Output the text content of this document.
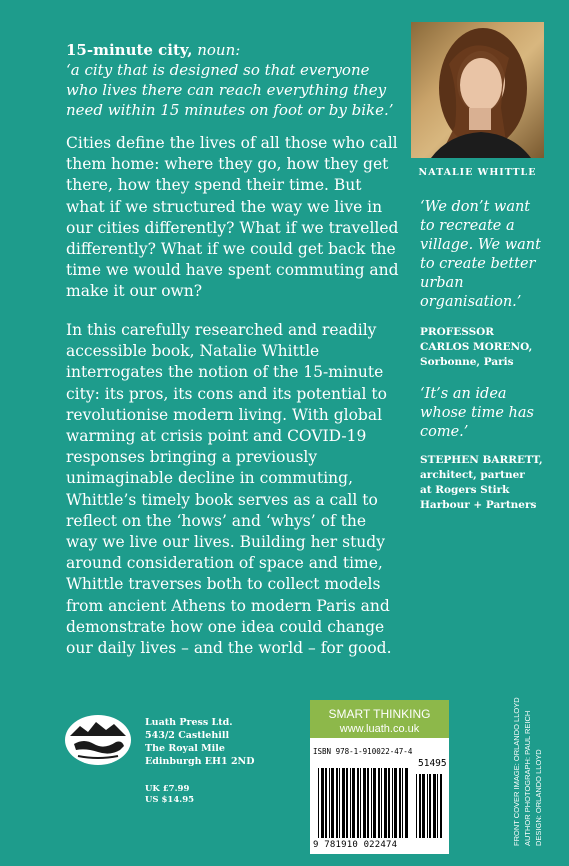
15-minute city, noun:
‘a city that is designed so that everyone who lives there can reach everything they need within 15 minutes on foot or by bike.’

Cities define the lives of all those who call them home: where they go, how they get there, how they spend their time. But what if we structured the way we live in our cities differently? What if we travelled differently? What if we could get back the time we would have spent commuting and make it our own?

In this carefully researched and readily accessible book, Natalie Whittle interrogates the notion of the 15-minute city: its pros, its cons and its potential to revolutionise modern living. With global warming at crisis point and COVID-19 responses bringing a previously unimaginable decline in commuting, Whittle’s timely book serves as a call to reflect on the ‘hows’ and ‘whys’ of the way we live our lives. Building her study around consideration of space and time, Whittle traverses both to collect models from ancient Athens to modern Paris and demonstrate how one idea could change our daily lives – and the world – for good.

NATALIE WHITTLE

‘We don’t want to recreate a village. We want to create better urban organisation.’

PROFESSOR
CARLOS MORENO,
Sorbonne, Paris

‘It’s an idea whose time has come.’

STEPHEN BARRETT,
architect, partner
at Rogers Stirk
Harbour + Partners
Luath Press Ltd.
543/2 Castlehill
The Royal Mile
Edinburgh EH1 2ND
UK £7.99
US $14.95
SMART THINKING
www.luath.co.uk
ISBN 978-1-910022-47-4
51495
9 781910 022474	FRONT COVER IMAGE: ORLANDO LLOYD AUTHOR PHOTOGRAPH: PAUL REICH DESIGN: ORLANDO LLOYD
